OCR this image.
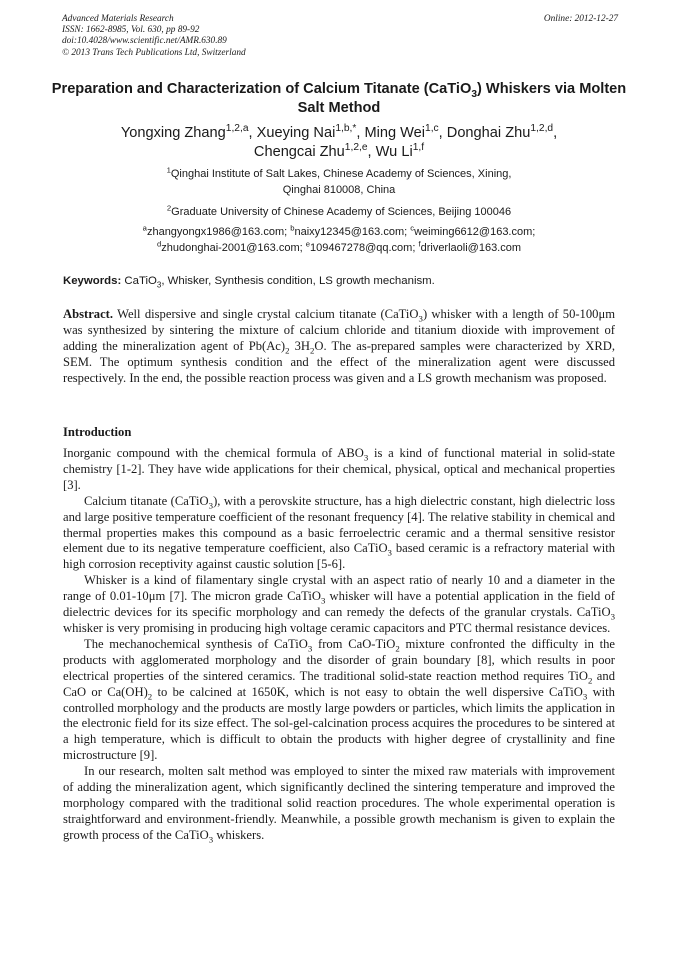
Advanced Materials Research
ISSN: 1662-8985, Vol. 630, pp 89-92
doi:10.4028/www.scientific.net/AMR.630.89
© 2013 Trans Tech Publications Ltd, Switzerland
Online: 2012-12-27
Preparation and Characterization of Calcium Titanate (CaTiO$_3$) Whiskers via Molten Salt Method
Yongxing Zhang$^{1,2,a}$, Xueying Nai$^{1,b,*}$, Ming Wei$^{1,c}$, Donghai Zhu$^{1,2,d}$,
Chengcai Zhu$^{1,2,e}$, Wu Li$^{1,f}$
$^1$Qinghai Institute of Salt Lakes, Chinese Academy of Sciences, Xining,
Qinghai 810008, China
$^2$Graduate University of Chinese Academy of Sciences, Beijing 100046
$^a$zhangyongx1986@163.com; $^b$naixy12345@163.com; $^c$weiming6612@163.com;
$^d$zhudonghai-2001@163.com; $^e$109467278@qq.com; $^f$driverlaoli@163.com
Keywords: CaTiO$_3$, Whisker, Synthesis condition, LS growth mechanism.
Abstract. Well dispersive and single crystal calcium titanate (CaTiO$_3$) whisker with a length of 50-100μm was synthesized by sintering the mixture of calcium chloride and titanium dioxide with improvement of adding the mineralization agent of $Pb(Ac)_2$ $3H_2O$. The as-prepared samples were characterized by XRD, SEM. The optimum synthesis condition and the effect of the mineralization agent were discussed respectively. In the end, the possible reaction process was given and a LS growth mechanism was proposed.
Introduction

Inorganic compound with the chemical formula of $ABO_3$ is a kind of functional material in solid-state chemistry [1-2]. They have wide applications for their chemical, physical, optical and mechanical properties [3].

Calcium titanate (CaTiO$_3$), with a perovskite structure, has a high dielectric constant, high dielectric loss and large positive temperature coefficient of the resonant frequency [4]. The relative stability in chemical and thermal properties makes this compound as a basic ferroelectric ceramic and a thermal sensitive resistor element due to its negative temperature coefficient, also CaTiO$_3$ based ceramic is a refractory material with high corrosion receptivity against caustic solution [5-6].

Whisker is a kind of filamentary single crystal with an aspect ratio of nearly 10 and a diameter in the range of 0.01-10μm [7]. The micron grade CaTiO$_3$ whisker will have a potential application in the field of dielectric devices for its specific morphology and can remedy the defects of the granular crystals. CaTiO$_3$ whisker is very promising in producing high voltage ceramic capacitors and PTC thermal resistance devices.

The mechanochemical synthesis of CaTiO$_3$ from CaO-TiO$_2$ mixture confronted the difficulty in the products with agglomerated morphology and the disorder of grain boundary [8], which results in poor electrical properties of the sintered ceramics. The traditional solid-state reaction method requires TiO$_2$ and CaO or $Ca(OH)_2$ to be calcined at 1650K, which is not easy to obtain the well dispersive CaTiO$_3$ with controlled morphology and the products are mostly large powders or particles, which limits the application in the electronic field for its size effect. The sol-gel-calcination process acquires the procedures to be sintered at a high temperature, which is difficult to obtain the products with higher degree of crystallinity and fine microstructure [9].

In our research, molten salt method was employed to sinter the mixed raw materials with improvement of adding the mineralization agent, which significantly declined the sintering temperature and improved the morphology compared with the traditional solid reaction procedures. The whole experimental operation is straightforward and environment-friendly. Meanwhile, a possible growth mechanism is given to explain the growth process of the CaTiO$_3$ whiskers.
